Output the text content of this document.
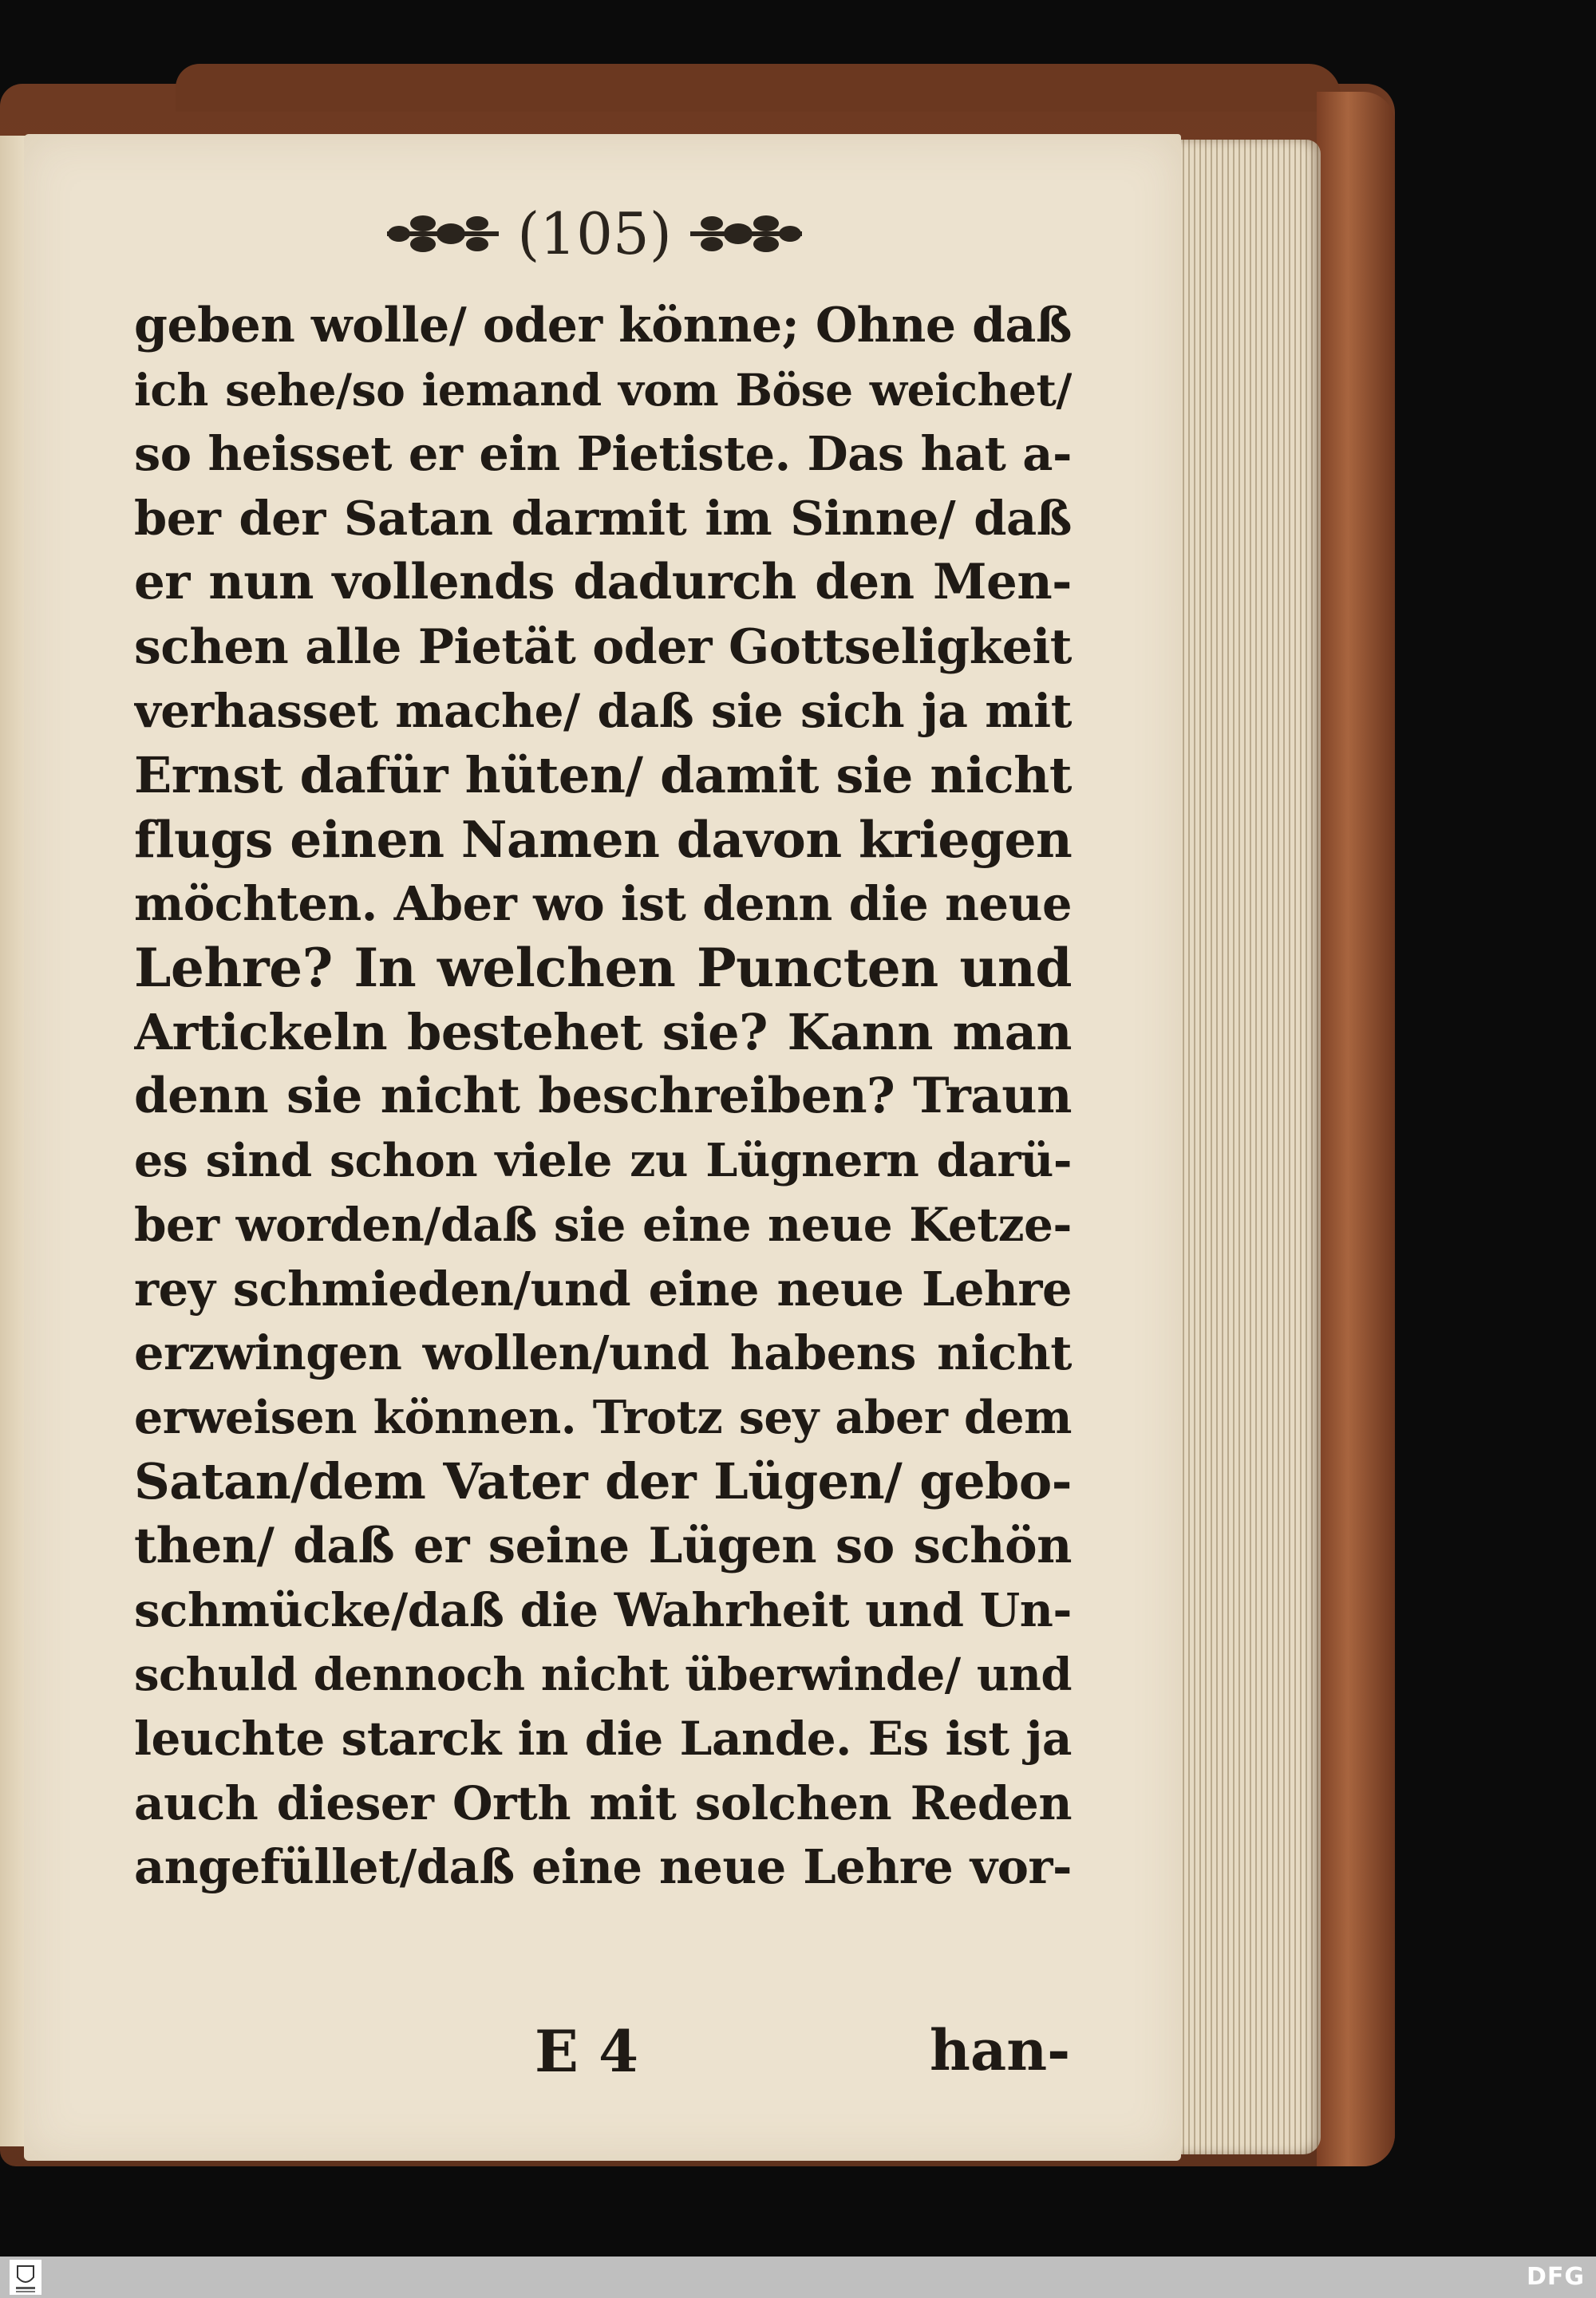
(105)
geben wolle/ oder könne; Ohne daß
ich sehe/so iemand vom Böse weichet/
so heisset er ein Pietiste. Das hat a-
ber der Satan darmit im Sinne/ daß
er nun vollends dadurch den Men-
schen alle Pietät oder Gottseligkeit
verhasset mache/ daß sie sich ja mit
Ernst dafür hüten/ damit sie nicht
flugs einen Namen davon kriegen
möchten. Aber wo ist denn die neue
Lehre? In welchen Puncten und
Artickeln bestehet sie? Kann man
denn sie nicht beschreiben? Traun
es sind schon viele zu Lügnern darü-
ber worden/daß sie eine neue Ketze-
rey schmieden/und eine neue Lehre
erzwingen wollen/und habens nicht
erweisen können. Trotz sey aber dem
Satan/dem Vater der Lügen/ gebo-
then/ daß er seine Lügen so schön
schmücke/daß die Wahrheit und Un-
schuld dennoch nicht überwinde/ und
leuchte starck in die Lande. Es ist ja
auch dieser Orth mit solchen Reden
angefüllet/daß eine neue Lehre vor-
E 4	han-
DFG
